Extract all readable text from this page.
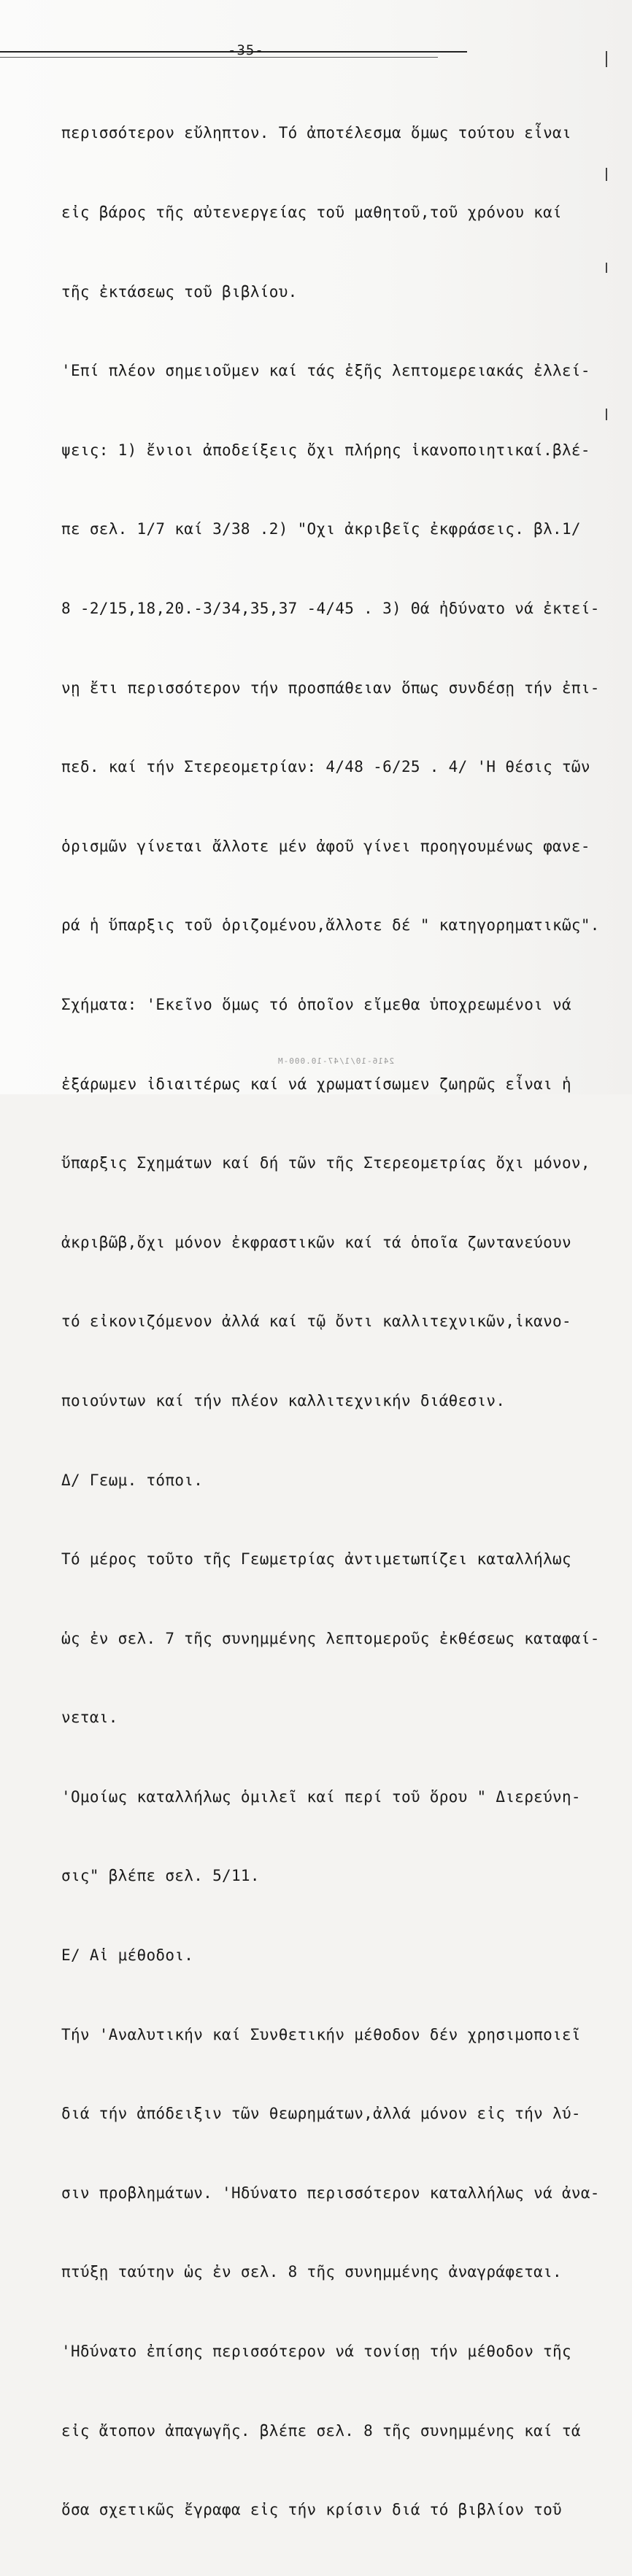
-35-

περισσότερον εὔληπτον. Τό ἀποτέλεσμα ὅμως τούτου εἶναι

εἰς βάρος τῆς αὐτενεργείας τοῦ μαθητοῦ,τοῦ χρόνου καί

τῆς ἐκτάσεως τοῦ βιβλίου.

'Επί πλέον σημειοῦμεν καί τάς ἑξῆς λεπτομερειακάς ἐλλεί-

ψεις: 1) ἔνιοι ἀποδείξεις ὄχι πλήρης ἱκανοποιητικαί.βλέ-

πε σελ. 1/7 καί 3/38 .2) "Οχι ἀκριβεῖς ἐκφράσεις. βλ.1/

8 -2/15,18,20.-3/34,35,37 -4/45 . 3) Θά ἠδύνατο νά ἐκτεί-

νῃ ἔτι περισσότερον τήν προσπάθειαν ὅπως συνδέσῃ τήν ἐπι-

πεδ. καί τήν Στερεομετρίαν: 4/48 -6/25 . 4/ 'Η θέσις τῶν

ὁρισμῶν γίνεται ἄλλοτε μέν ἀφοῦ γίνει προηγουμένως φανε-

ρά ἡ ὕπαρξις τοῦ ὁριζομένου,ἄλλοτε δέ " κατηγορηματικῶς".

Σχήματα: 'Εκεῖνο ὅμως τό ὁποῖον εἴμεθα ὑποχρεωμένοι νά

ἐξάρωμεν ἰδιαιτέρως καί νά χρωματίσωμεν ζωηρῶς εἶναι ἡ

ὕπαρξις Σχημάτων καί δή τῶν τῆς Στερεομετρίας ὄχι μόνον,

ἀκριβῶβ,ὄχι μόνον ἐκφραστικῶν καί τά ὁποῖα ζωντανεύουν

τό εἰκονιζόμενον ἀλλά καί τῷ ὄντι καλλιτεχνικῶν,ἱκανο-

ποιούντων καί τήν πλέον καλλιτεχνικήν διάθεσιν.

Δ/ Γεωμ. τόποι.

Τό μέρος τοῦτο τῆς Γεωμετρίας ἀντιμετωπίζει καταλλήλως

ὡς ἐν σελ. 7 τῆς συνημμένης λεπτομεροῦς ἐκθέσεως καταφαί-

νεται.

'Ομοίως καταλλήλως ὁμιλεῖ καί περί τοῦ ὅρου " Διερεύνη-

σις" βλέπε σελ. 5/11.

Ε/ Αἱ μέθοδοι.

Τήν 'Αναλυτικήν καί Συνθετικήν μέθοδον δέν χρησιμοποιεῖ

διά τήν ἀπόδειξιν τῶν θεωρημάτων,ἀλλά μόνον εἰς τήν λύ-

σιν προβλημάτων. 'Ηδύνατο περισσότερον καταλλήλως νά ἀνα-

πτύξῃ ταύτην ὡς ἐν σελ. 8 τῆς συνημμένης ἀναγράφεται.

'Ηδύνατο ἐπίσης περισσότερον νά τονίσῃ τήν μέθοδον τῆς

εἰς ἄτοπον ἀπαγωγῆς. βλέπε σελ. 8 τῆς συνημμένης καί τά

ὅσα σχετικῶς ἔγραφα εἰς τήν κρίσιν διά τό βιβλίον τοῦ

2416-10/1/47-10.000-Μ
